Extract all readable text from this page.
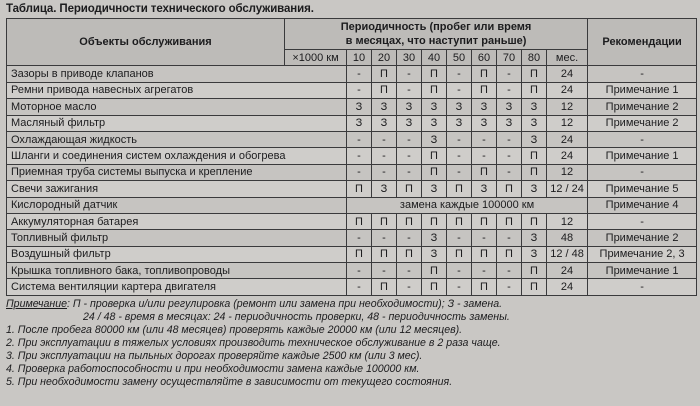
Таблица. Периодичности технического обслуживания.
Объекты обслуживания	Периодичность (пробег или время
в месяцах, что наступит раньше)										Рекомендации
	×1000 км	10	20	30	40	50	60	70	80	мес.	
Зазоры в приводе клапанов		-	П	-	П	-	П	-	П	24	-
Ремни привода навесных агрегатов		-	П	-	П	-	П	-	П	24	Примечание 1
Моторное масло		З	З	З	З	З	З	З	З	12	Примечание 2
Масляный фильтр		З	З	З	З	З	З	З	З	12	Примечание 2
Охлаждающая жидкость		-	-	-	З	-	-	-	З	24	-
Шланги и соединения систем охлаждения и обогрева		-	-	-	П	-	-	-	П	24	Примечание 1
Приемная труба системы выпуска и крепление		-	-	-	П	-	П	-	П	12	-
Свечи зажигания		П	З	П	З	П	З	П	З	12 / 24	Примечание 5
Кислородный датчик		замена каждые 100000 км									Примечание 4
Аккумуляторная батарея		П	П	П	П	П	П	П	П	12	-
Топливный фильтр		-	-	-	З	-	-	-	З	48	Примечание 2
Воздушный фильтр		П	П	П	З	П	П	П	З	12 / 48	Примечание 2, 3
Крышка топливного бака, топливопроводы		-	-	-	П	-	-	-	П	24	Примечание 1
Система вентиляции картера двигателя		-	П	-	П	-	П	-	П	24	-
Примечание: П - проверка и/или регулировка (ремонт или замена при необходимости); З - замена.
24 / 48 - время в месяцах: 24 - периодичность проверки, 48 - периодичность замены.
1. После пробега 80000 км (или 48 месяцев) проверять каждые 20000 км (или 12 месяцев).
2. При эксплуатации в тяжелых условиях производить техническое обслуживание в 2 раза чаще.
3. При эксплуатации на пыльных дорогах проверяйте каждые 2500 км (или 3 мес).
4. Проверка работоспособности и при необходимости замена каждые 100000 км.
5. При необходимости замену осуществляйте в зависимости от текущего состояния.
